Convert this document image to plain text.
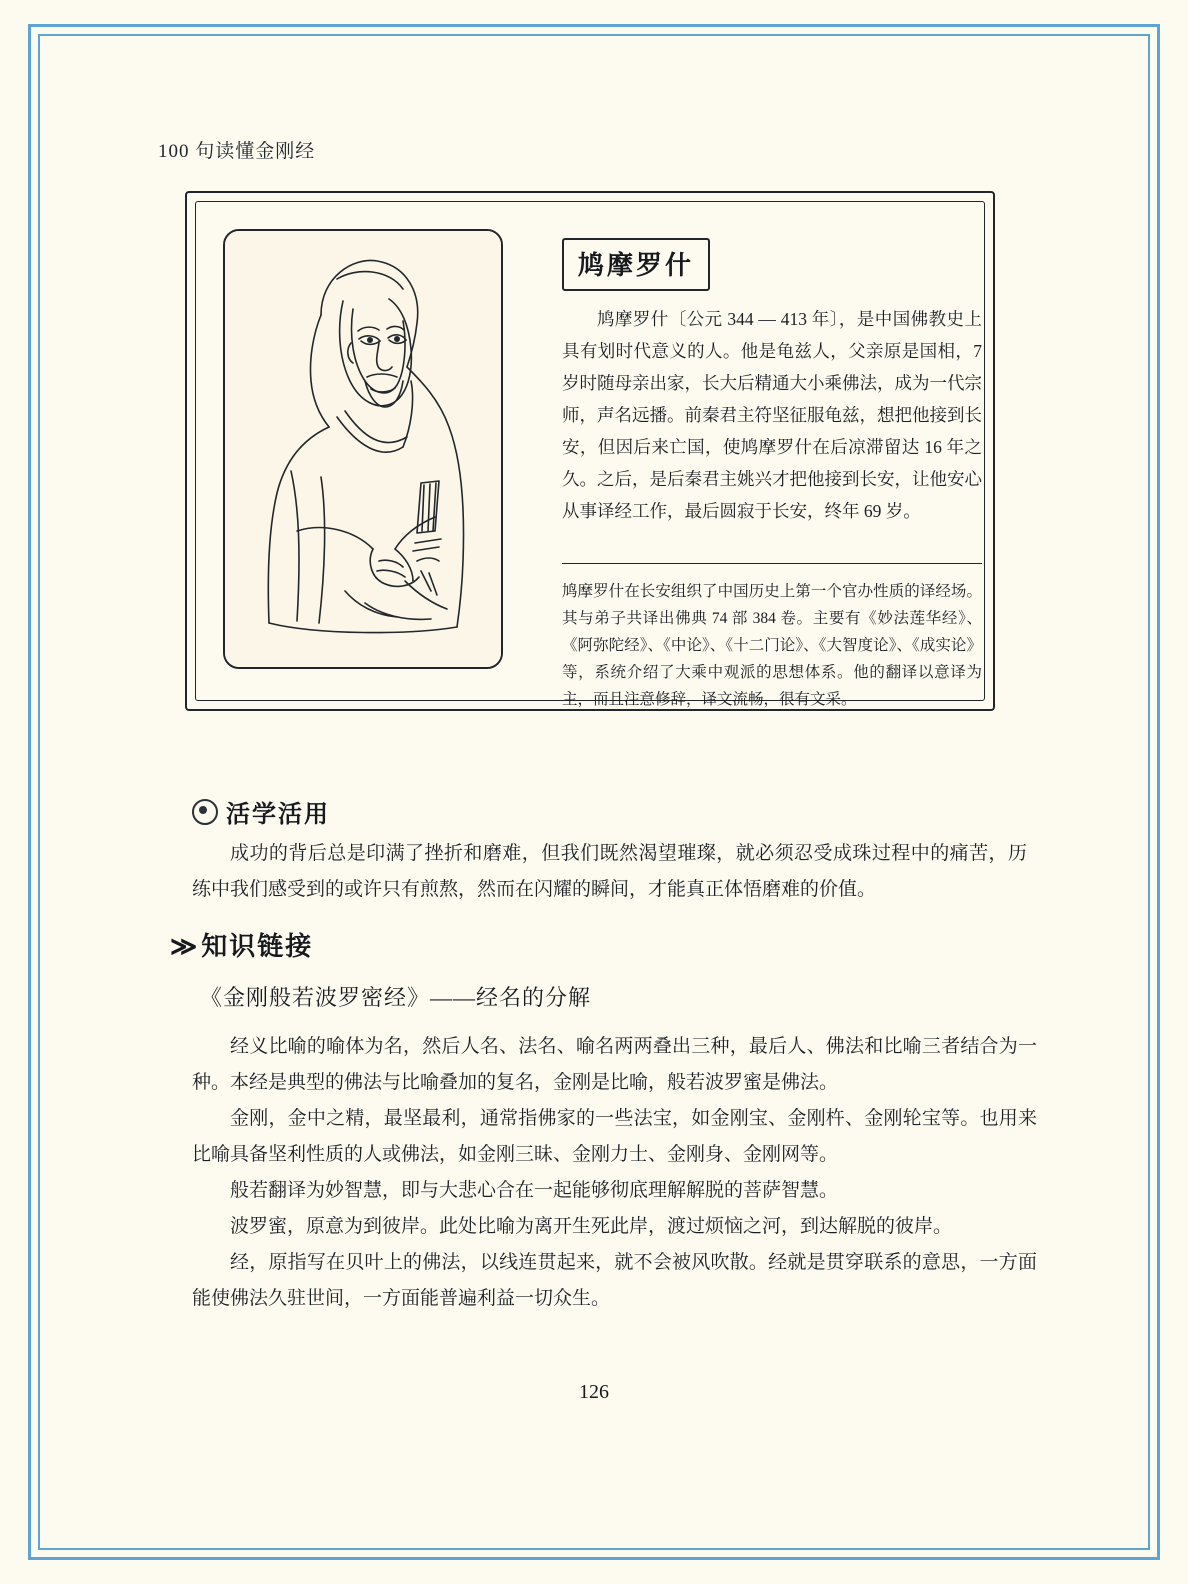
100 句读懂金刚经
鸠摩罗什
鸠摩罗什〔公元 344 — 413 年〕，是中国佛教史上具有划时代意义的人。他是龟兹人，父亲原是国相，7 岁时随母亲出家，长大后精通大小乘佛法，成为一代宗师，声名远播。前秦君主符坚征服龟兹，想把他接到长安，但因后来亡国，使鸠摩罗什在后凉滞留达 16 年之久。之后，是后秦君主姚兴才把他接到长安，让他安心从事译经工作，最后圆寂于长安，终年 69 岁。
鸠摩罗什在长安组织了中国历史上第一个官办性质的译经场。其与弟子共译出佛典 74 部 384 卷。主要有《妙法莲华经》、《阿弥陀经》、《中论》、《十二门论》、《大智度论》、《成实论》等，系统介绍了大乘中观派的思想体系。他的翻译以意译为主，而且注意修辞，译文流畅，很有文采。
活学活用
成功的背后总是印满了挫折和磨难，但我们既然渴望璀璨，就必须忍受成珠过程中的痛苦，历练中我们感受到的或许只有煎熬，然而在闪耀的瞬间，才能真正体悟磨难的价值。
≫ 知识链接
《金刚般若波罗密经》——经名的分解

经义比喻的喻体为名，然后人名、法名、喻名两两叠出三种，最后人、佛法和比喻三者结合为一种。本经是典型的佛法与比喻叠加的复名，金刚是比喻，般若波罗蜜是佛法。

金刚，金中之精，最坚最利，通常指佛家的一些法宝，如金刚宝、金刚杵、金刚轮宝等。也用来比喻具备坚利性质的人或佛法，如金刚三昧、金刚力士、金刚身、金刚网等。

般若翻译为妙智慧，即与大悲心合在一起能够彻底理解解脱的菩萨智慧。

波罗蜜，原意为到彼岸。此处比喻为离开生死此岸，渡过烦恼之河，到达解脱的彼岸。

经，原指写在贝叶上的佛法，以线连贯起来，就不会被风吹散。经就是贯穿联系的意思，一方面能使佛法久驻世间，一方面能普遍利益一切众生。

126
